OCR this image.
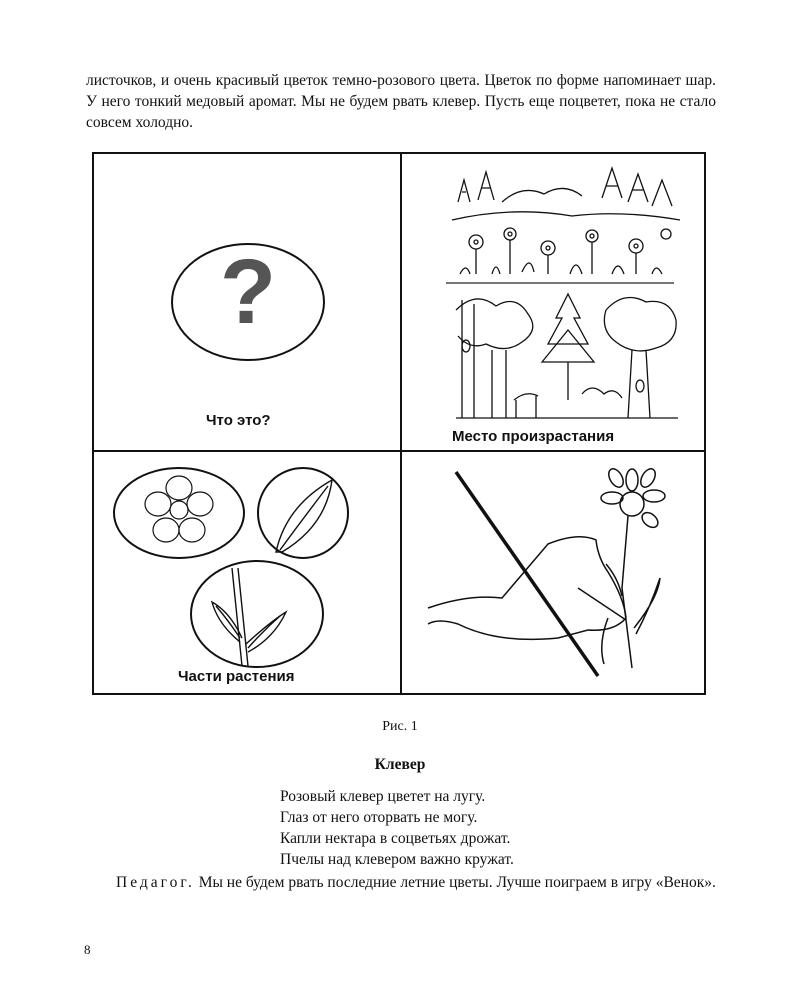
листочков, и очень красивый цветок темно-розового цвета. Цветок по форме напоминает шар. У него тонкий медовый аромат. Мы не будем рвать клевер. Пусть еще поцветет, пока не стало совсем холодно.
?
Что это?
Место произрастания
Части растения
Рис. 1
Клевер
Розовый клевер цветет на лугу.
Глаз от него оторвать не могу.
Капли нектара в соцветьях дрожат.
Пчелы над клевером важно кружат.
Педагог. Мы не будем рвать последние летние цветы. Лучше поиграем в игру «Венок».
8
